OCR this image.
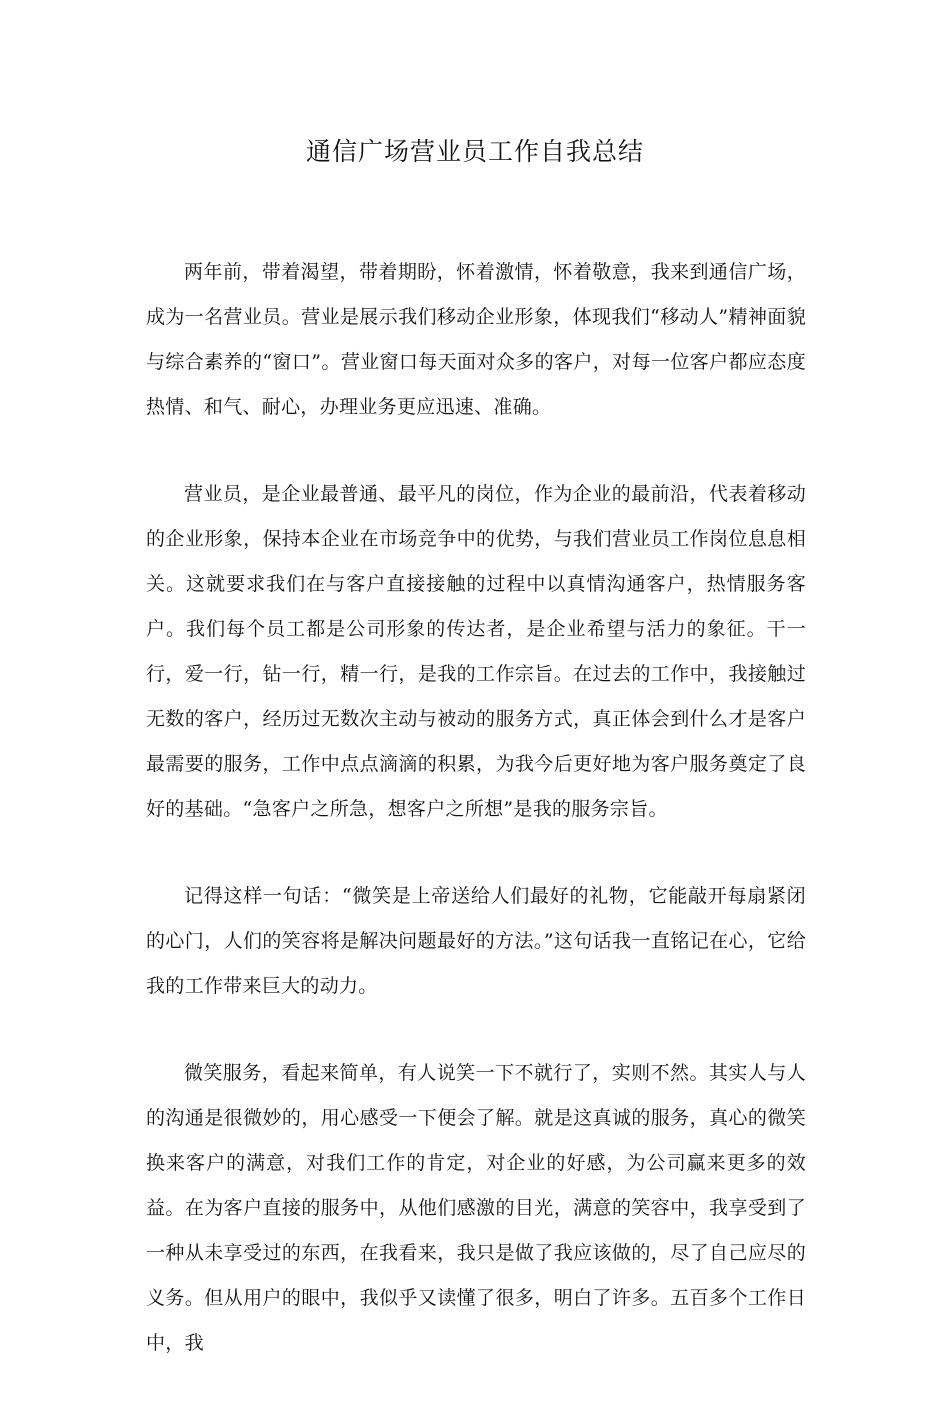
通信广场营业员工作自我总结

两年前，带着渴望，带着期盼，怀着激情，怀着敬意，我来到通信广场，成为一名营业员。营业是展示我们移动企业形象，体现我们“移动人”精神面貌与综合素养的“窗口”。营业窗口每天面对众多的客户，对每一位客户都应态度热情、和气、耐心，办理业务更应迅速、准确。

营业员，是企业最普通、最平凡的岗位，作为企业的最前沿，代表着移动的企业形象，保持本企业在市场竞争中的优势，与我们营业员工作岗位息息相关。这就要求我们在与客户直接接触的过程中以真情沟通客户，热情服务客户。我们每个员工都是公司形象的传达者，是企业希望与活力的象征。干一行，爱一行，钻一行，精一行，是我的工作宗旨。在过去的工作中，我接触过无数的客户，经历过无数次主动与被动的服务方式，真正体会到什么才是客户最需要的服务，工作中点点滴滴的积累，为我今后更好地为客户服务奠定了良好的基础。“急客户之所急，想客户之所想”是我的服务宗旨。

记得这样一句话：“微笑是上帝送给人们最好的礼物，它能敲开每扇紧闭的心门，人们的笑容将是解决问题最好的方法。”这句话我一直铭记在心，它给我的工作带来巨大的动力。

微笑服务，看起来简单，有人说笑一下不就行了，实则不然。其实人与人的沟通是很微妙的，用心感受一下便会了解。就是这真诚的服务，真心的微笑换来客户的满意，对我们工作的肯定，对企业的好感，为公司赢来更多的效益。在为客户直接的服务中，从他们感激的目光，满意的笑容中，我享受到了一种从未享受过的东西，在我看来，我只是做了我应该做的，尽了自己应尽的义务。但从用户的眼中，我似乎又读懂了很多，明白了许多。五百多个工作日中，我
